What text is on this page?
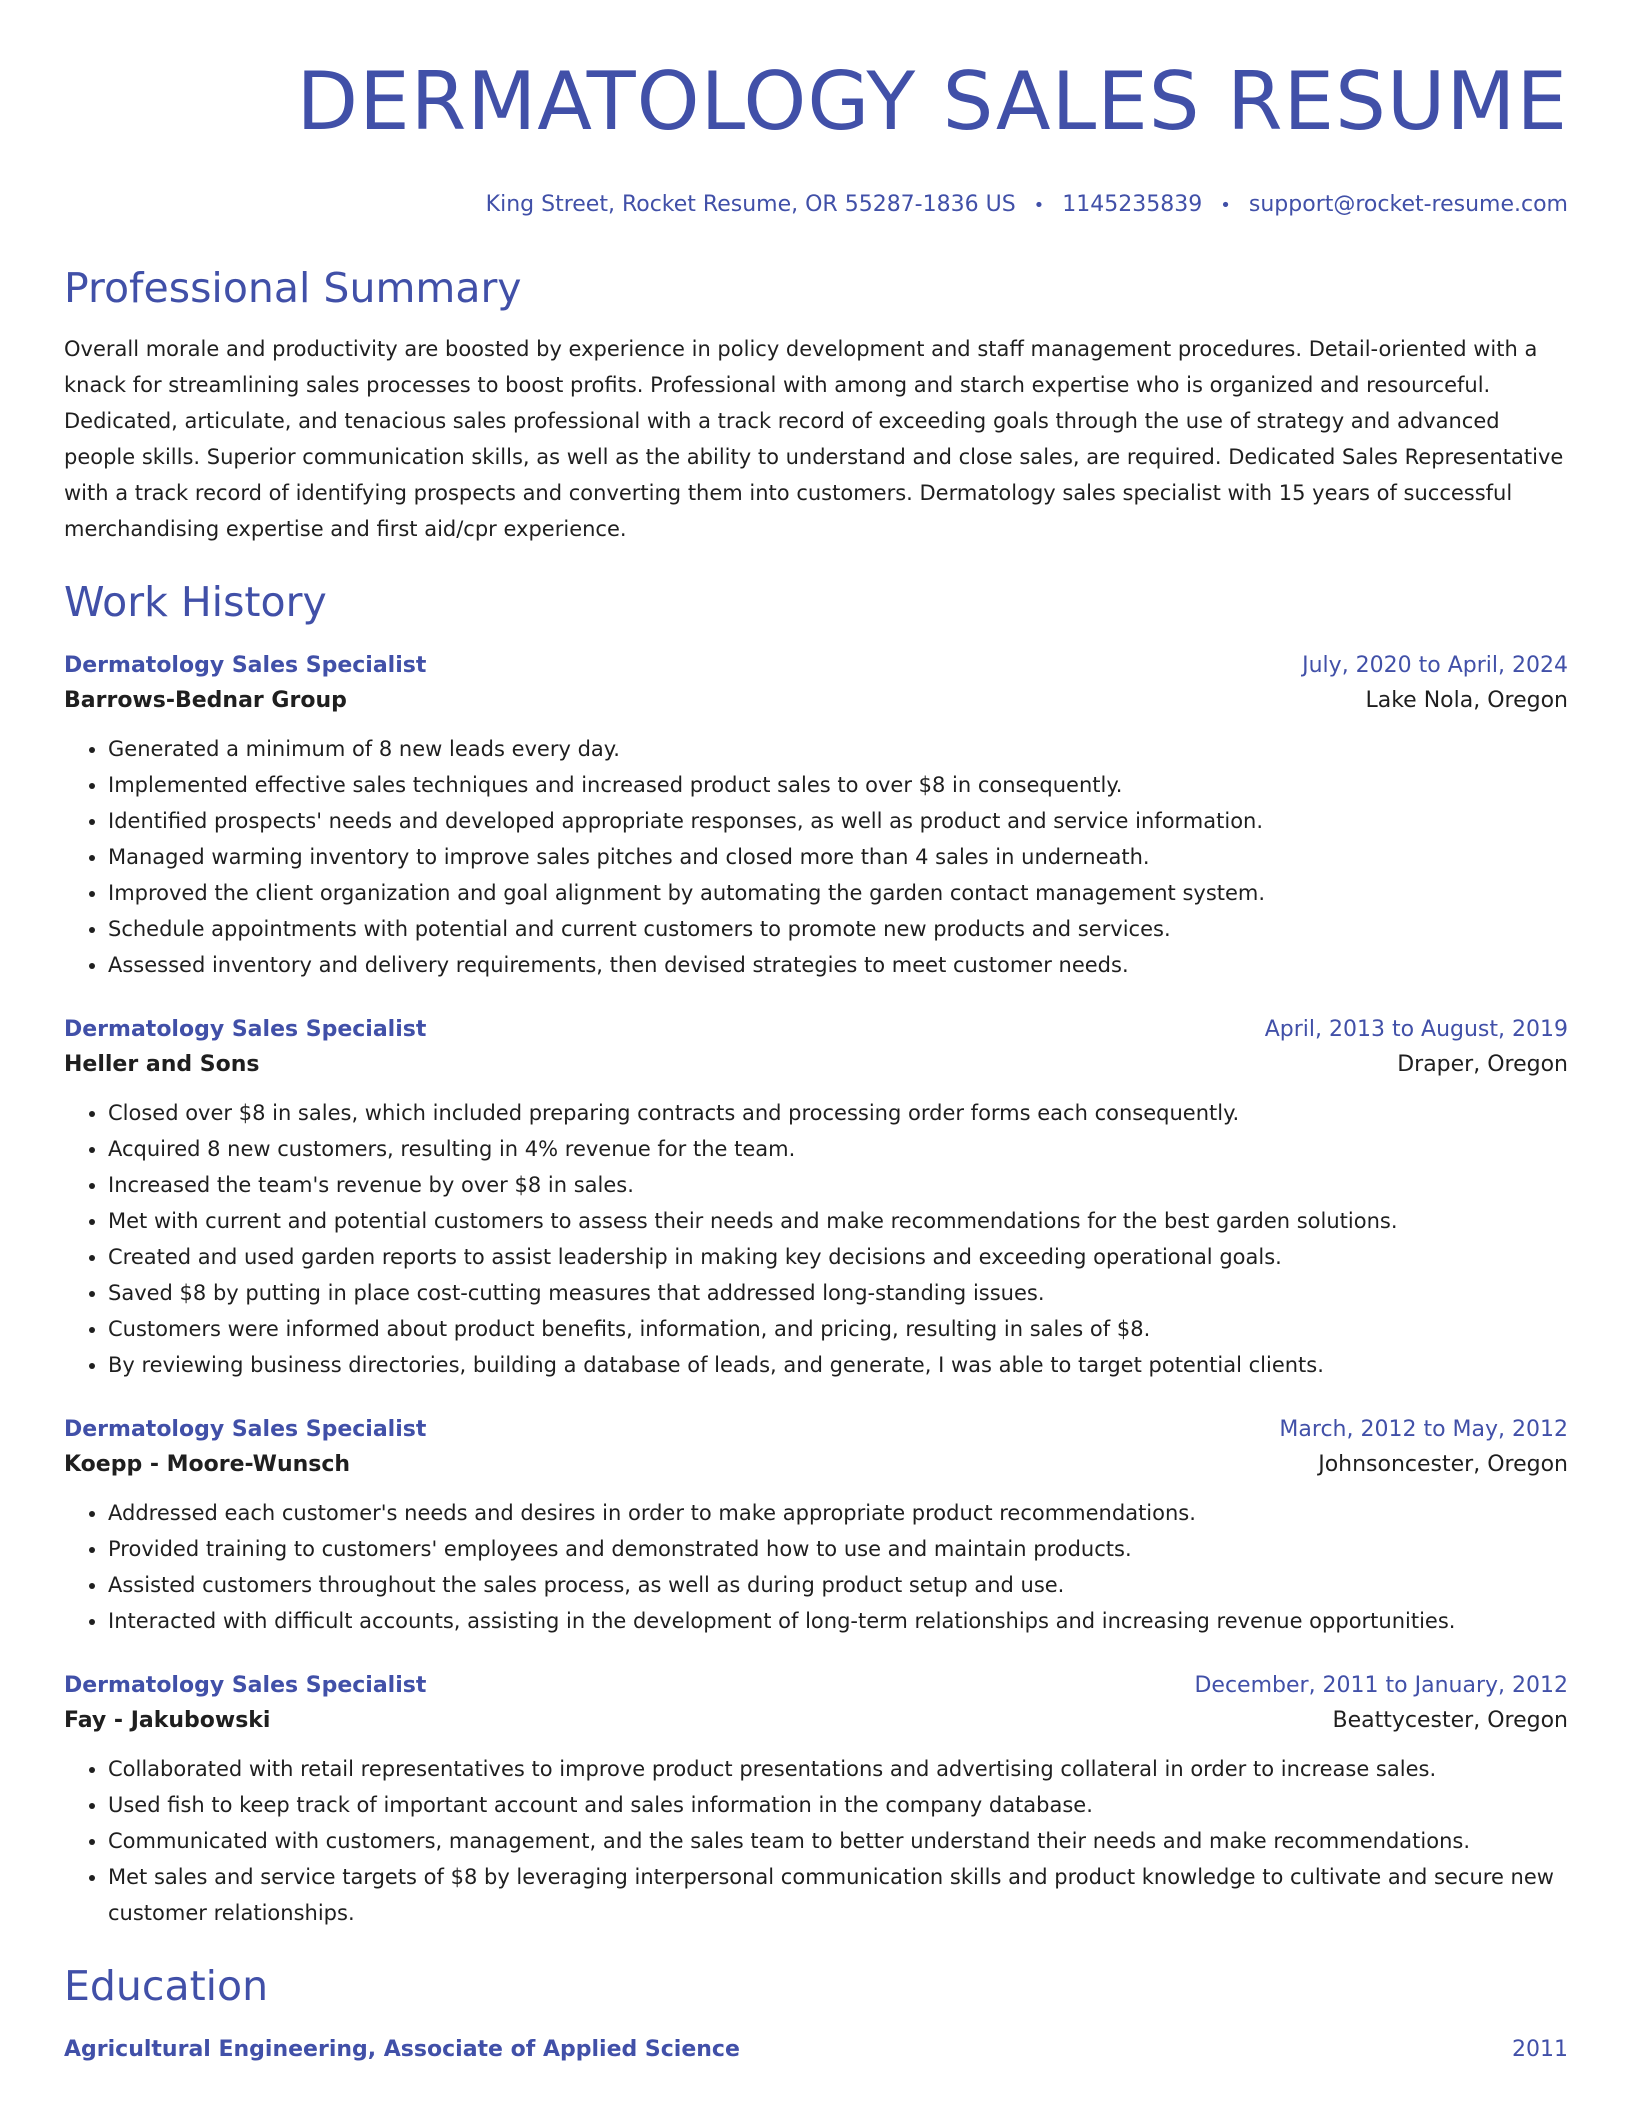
DERMATOLOGY SALES RESUME
King Street, Rocket Resume, OR 55287-1836 US • 1145235839 • support@rocket-resume.com
Professional Summary
Overall morale and productivity are boosted by experience in policy development and staff management procedures. Detail-oriented with a knack for streamlining sales processes to boost profits. Professional with among and starch expertise who is organized and resourceful. Dedicated, articulate, and tenacious sales professional with a track record of exceeding goals through the use of strategy and advanced people skills. Superior communication skills, as well as the ability to understand and close sales, are required. Dedicated Sales Representative with a track record of identifying prospects and converting them into customers. Dermatology sales specialist with 15 years of successful merchandising expertise and first aid/cpr experience.
Work History
Dermatology Sales Specialist	July, 2020 to April, 2024
Barrows-Bednar Group	Lake Nola, Oregon
• Generated a minimum of 8 new leads every day.
• Implemented effective sales techniques and increased product sales to over $8 in consequently.
• Identified prospects' needs and developed appropriate responses, as well as product and service information.
• Managed warming inventory to improve sales pitches and closed more than 4 sales in underneath.
• Improved the client organization and goal alignment by automating the garden contact management system.
• Schedule appointments with potential and current customers to promote new products and services.
• Assessed inventory and delivery requirements, then devised strategies to meet customer needs.
Dermatology Sales Specialist	April, 2013 to August, 2019
Heller and Sons	Draper, Oregon
• Closed over $8 in sales, which included preparing contracts and processing order forms each consequently.
• Acquired 8 new customers, resulting in 4% revenue for the team.
• Increased the team's revenue by over $8 in sales.
• Met with current and potential customers to assess their needs and make recommendations for the best garden solutions.
• Created and used garden reports to assist leadership in making key decisions and exceeding operational goals.
• Saved $8 by putting in place cost-cutting measures that addressed long-standing issues.
• Customers were informed about product benefits, information, and pricing, resulting in sales of $8.
• By reviewing business directories, building a database of leads, and generate, I was able to target potential clients.
Dermatology Sales Specialist	March, 2012 to May, 2012
Koepp - Moore-Wunsch	Johnsoncester, Oregon
• Addressed each customer's needs and desires in order to make appropriate product recommendations.
• Provided training to customers' employees and demonstrated how to use and maintain products.
• Assisted customers throughout the sales process, as well as during product setup and use.
• Interacted with difficult accounts, assisting in the development of long-term relationships and increasing revenue opportunities.
Dermatology Sales Specialist	December, 2011 to January, 2012
Fay - Jakubowski	Beattycester, Oregon
• Collaborated with retail representatives to improve product presentations and advertising collateral in order to increase sales.
• Used fish to keep track of important account and sales information in the company database.
• Communicated with customers, management, and the sales team to better understand their needs and make recommendations.
• Met sales and service targets of $8 by leveraging interpersonal communication skills and product knowledge to cultivate and secure new customer relationships.
Education
Agricultural Engineering, Associate of Applied Science	2011
